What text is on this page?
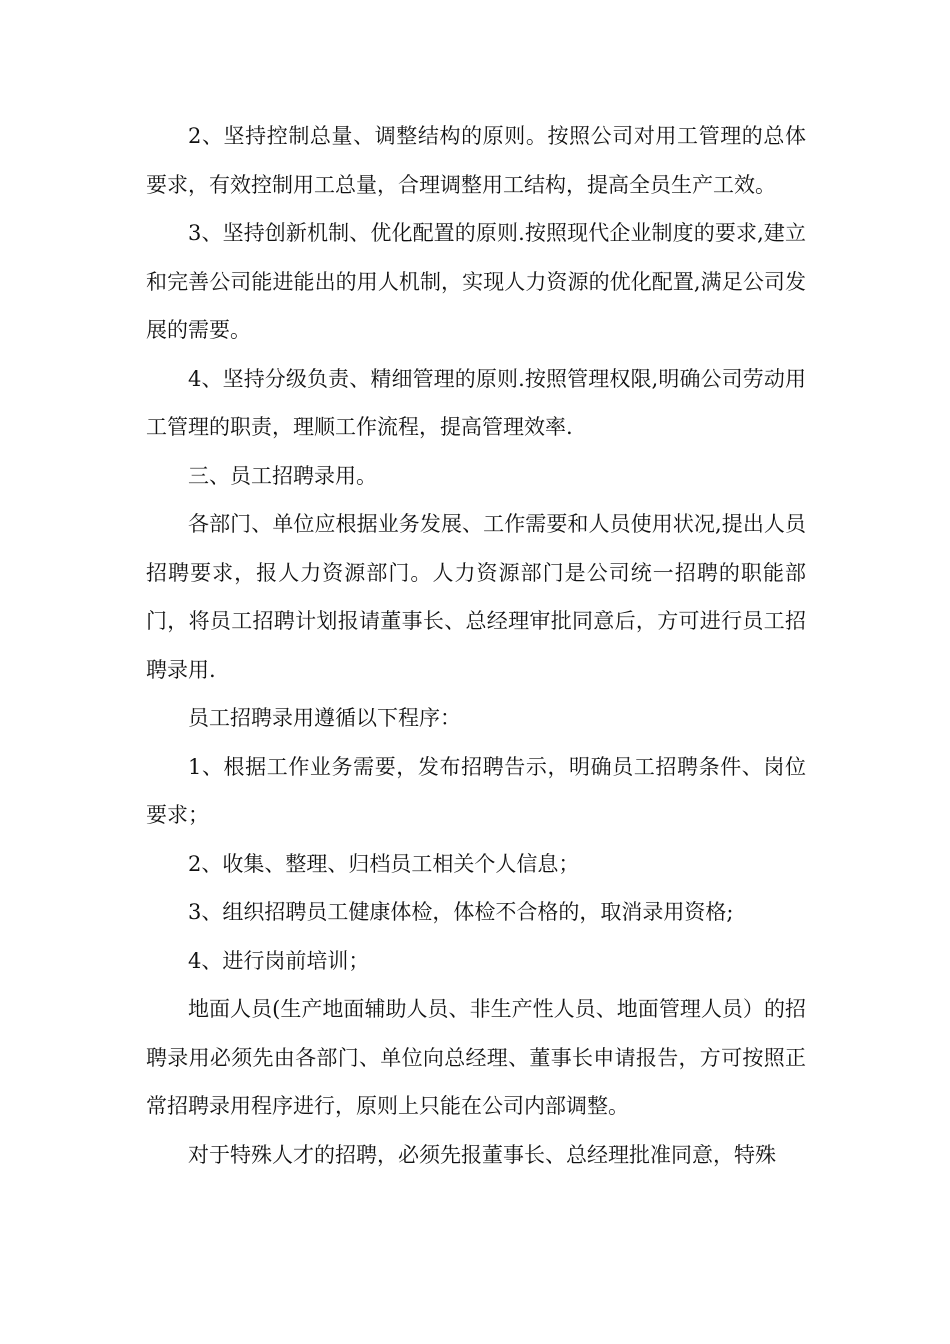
2、坚持控制总量、调整结构的原则。按照公司对用工管理的总体要求，有效控制用工总量，合理调整用工结构，提高全员生产工效。

3、坚持创新机制、优化配置的原则.按照现代企业制度的要求,建立和完善公司能进能出的用人机制，实现人力资源的优化配置,满足公司发展的需要。

4、坚持分级负责、精细管理的原则.按照管理权限,明确公司劳动用工管理的职责，理顺工作流程，提高管理效率.

三、员工招聘录用。

各部门、单位应根据业务发展、工作需要和人员使用状况,提出人员招聘要求，报人力资源部门。人力资源部门是公司统一招聘的职能部门，将员工招聘计划报请董事长、总经理审批同意后，方可进行员工招聘录用.

员工招聘录用遵循以下程序：

1、根据工作业务需要，发布招聘告示，明确员工招聘条件、岗位要求；

2、收集、整理、归档员工相关个人信息；

3、组织招聘员工健康体检，体检不合格的，取消录用资格;

4、进行岗前培训；

地面人员(生产地面辅助人员、非生产性人员、地面管理人员）的招聘录用必须先由各部门、单位向总经理、董事长申请报告，方可按照正常招聘录用程序进行，原则上只能在公司内部调整。

对于特殊人才的招聘，必须先报董事长、总经理批准同意，特殊
